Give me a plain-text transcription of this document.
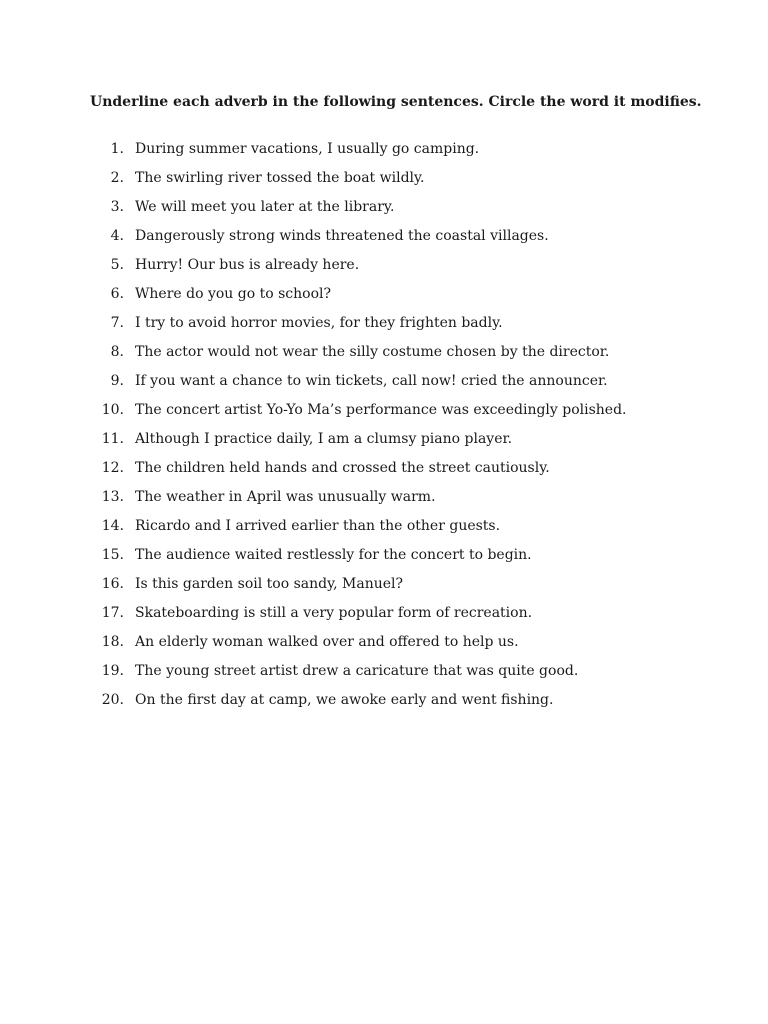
Underline each adverb in the following sentences. Circle the word it modifies.
1. During summer vacations, I usually go camping.
2. The swirling river tossed the boat wildly.
3. We will meet you later at the library.
4. Dangerously strong winds threatened the coastal villages.
5. Hurry! Our bus is already here.
6. Where do you go to school?
7. I try to avoid horror movies, for they frighten badly.
8. The actor would not wear the silly costume chosen by the director.
9. If you want a chance to win tickets, call now! cried the announcer.
10. The concert artist Yo-Yo Ma’s performance was exceedingly polished.
11. Although I practice daily, I am a clumsy piano player.
12. The children held hands and crossed the street cautiously.
13. The weather in April was unusually warm.
14. Ricardo and I arrived earlier than the other guests.
15. The audience waited restlessly for the concert to begin.
16. Is this garden soil too sandy, Manuel?
17. Skateboarding is still a very popular form of recreation.
18. An elderly woman walked over and offered to help us.
19. The young street artist drew a caricature that was quite good.
20. On the first day at camp, we awoke early and went fishing.
